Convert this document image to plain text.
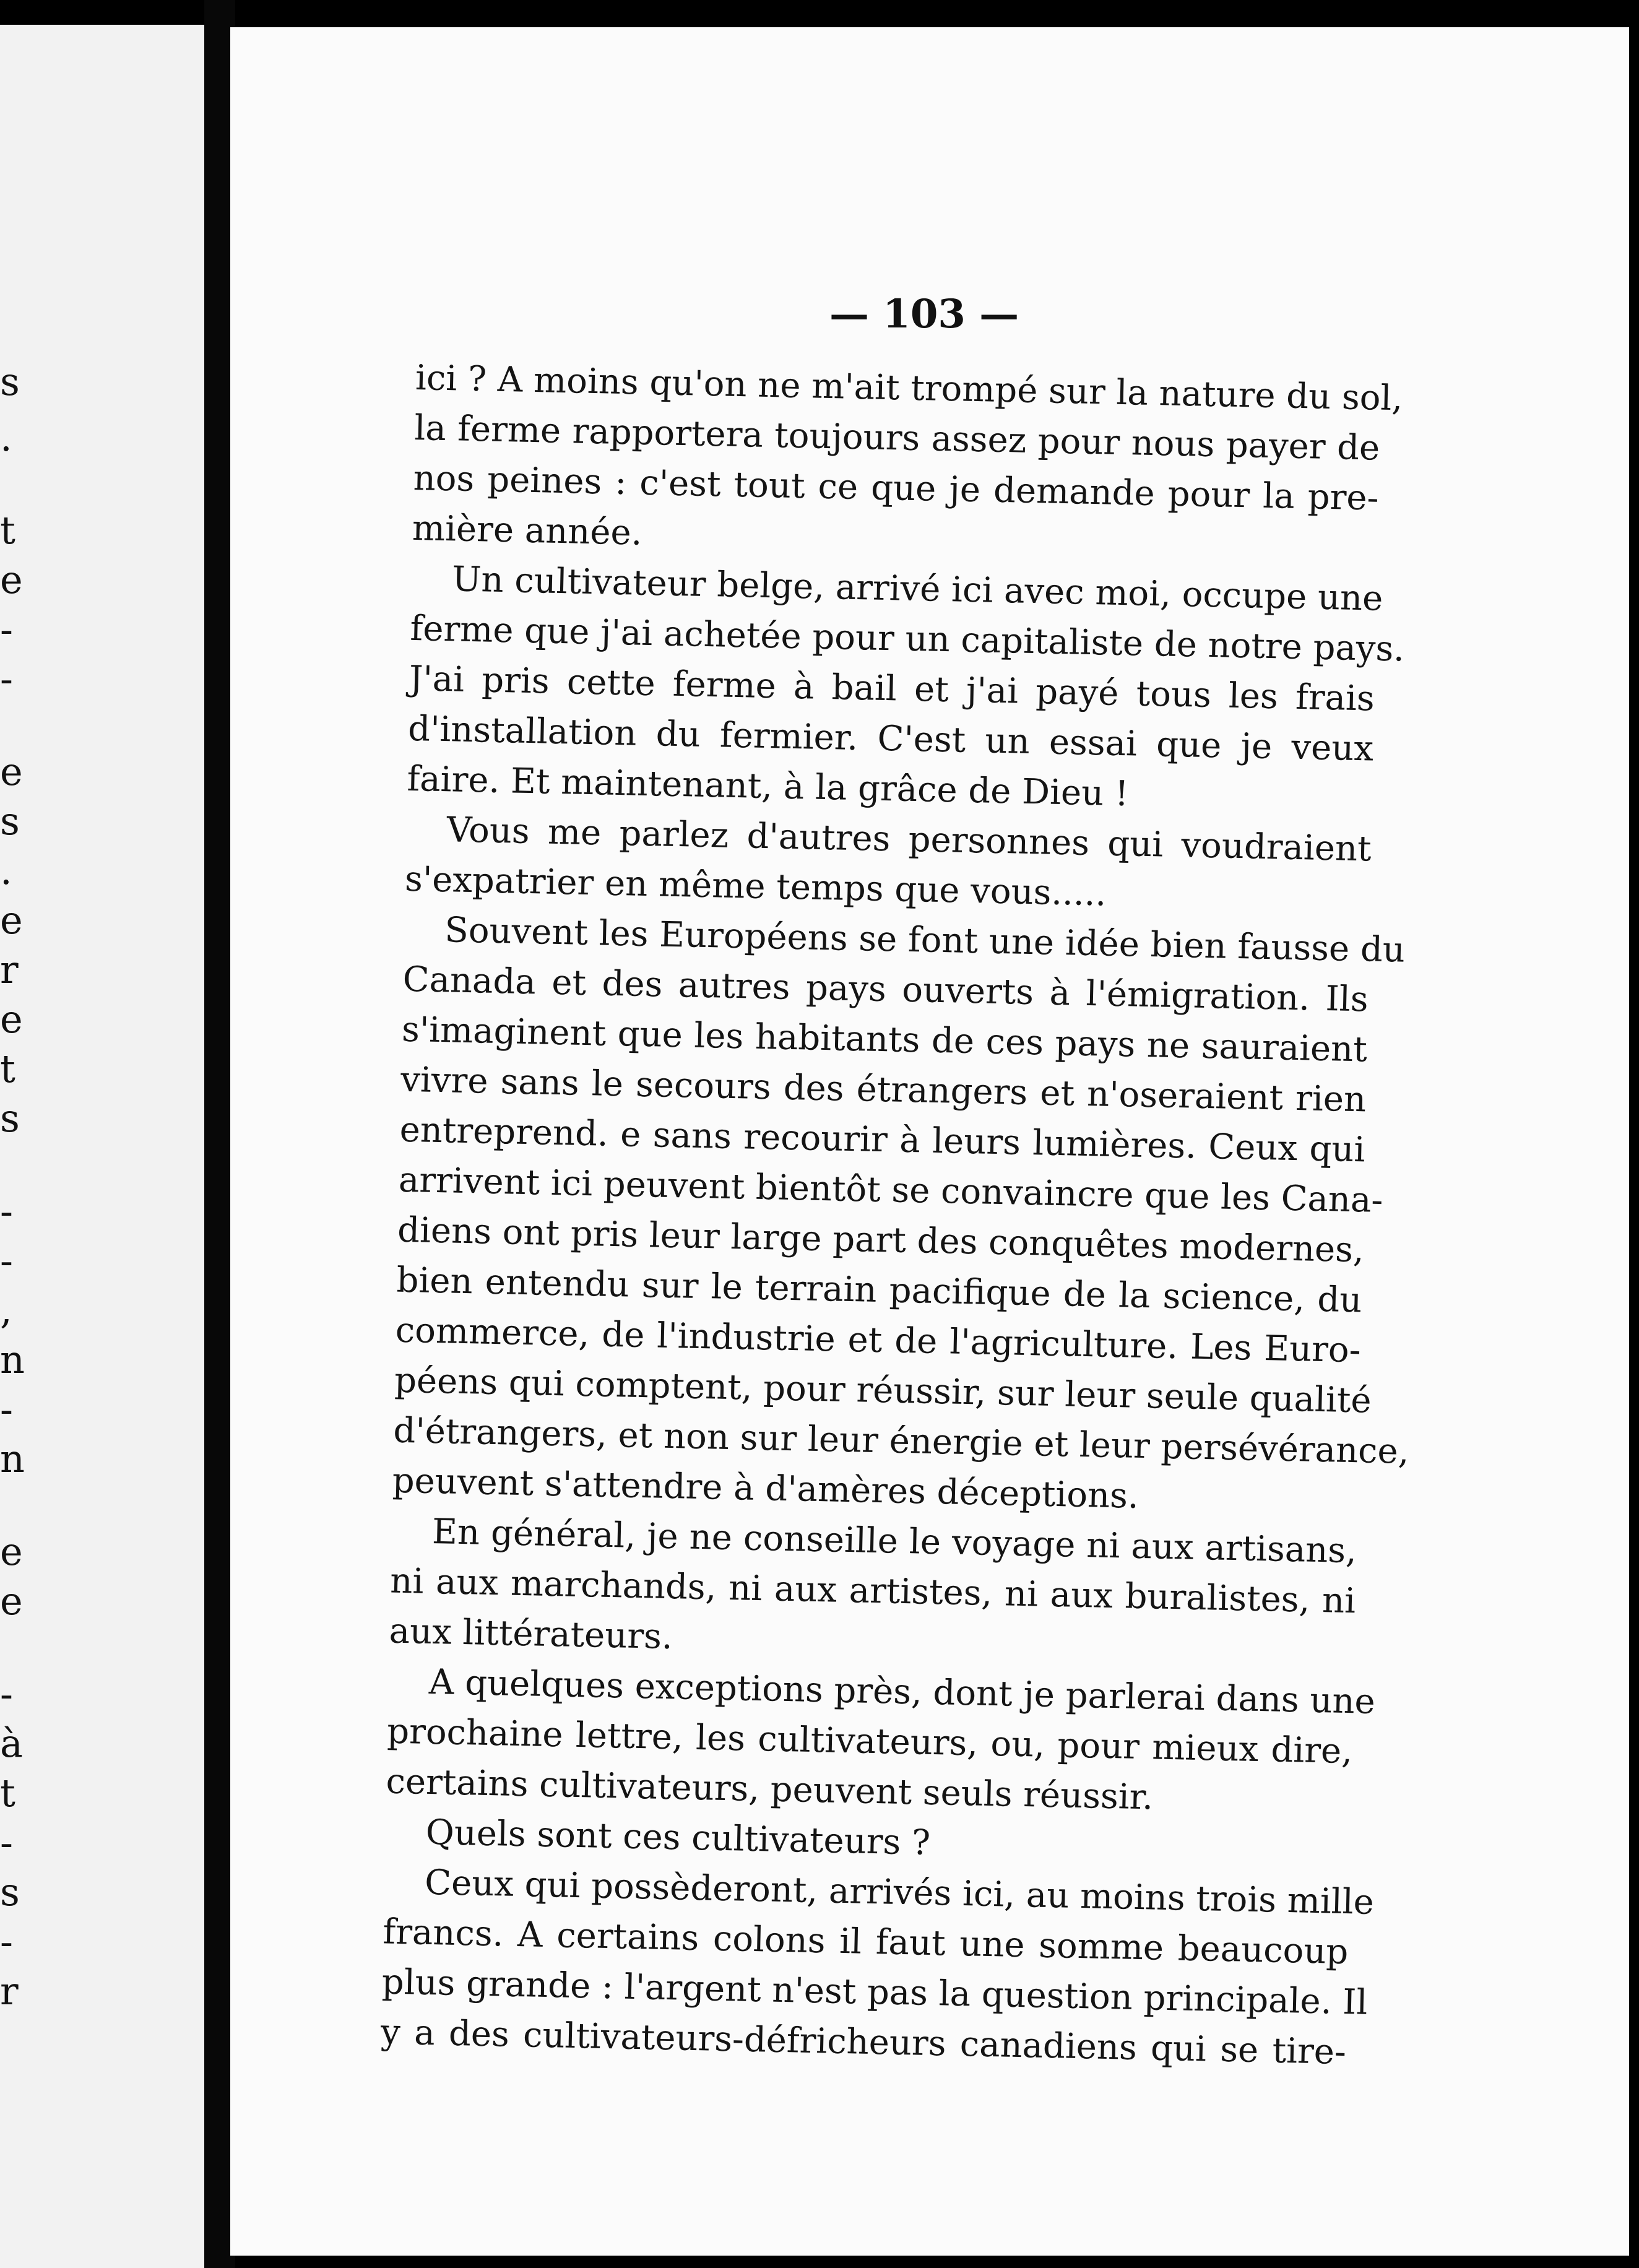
s
.
t
e
-
-
e
s
.
e
r
e
t
s
-
-
,
n
-
n
e
e
-
à
t
-
s
-
r
— 103 —
ici ? A moins qu'on ne m'ait trompé sur la nature du sol,
la ferme rapportera toujours assez pour nous payer de
nos peines : c'est tout ce que je demande pour la pre-
mière année.
Un cultivateur belge, arrivé ici avec moi, occupe une
ferme que j'ai achetée pour un capitaliste de notre pays.
J'ai pris cette ferme à bail et j'ai payé tous les frais
d'installation du fermier. C'est un essai que je veux
faire. Et maintenant, à la grâce de Dieu !
Vous me parlez d'autres personnes qui voudraient
s'expatrier en même temps que vous.....
Souvent les Européens se font une idée bien fausse du
Canada et des autres pays ouverts à l'émigration. Ils
s'imaginent que les habitants de ces pays ne sauraient
vivre sans le secours des étrangers et n'oseraient rien
entreprend. e sans recourir à leurs lumières. Ceux qui
arrivent ici peuvent bientôt se convaincre que les Cana-
diens ont pris leur large part des conquêtes modernes,
bien entendu sur le terrain pacifique de la science, du
commerce, de l'industrie et de l'agriculture. Les Euro-
péens qui comptent, pour réussir, sur leur seule qualité
d'étrangers, et non sur leur énergie et leur persévérance,
peuvent s'attendre à d'amères déceptions.
En général, je ne conseille le voyage ni aux artisans,
ni aux marchands, ni aux artistes, ni aux buralistes, ni
aux littérateurs.
A quelques exceptions près, dont je parlerai dans une
prochaine lettre, les cultivateurs, ou, pour mieux dire,
certains cultivateurs, peuvent seuls réussir.
Quels sont ces cultivateurs ?
Ceux qui possèderont, arrivés ici, au moins trois mille
francs. A certains colons il faut une somme beaucoup
plus grande : l'argent n'est pas la question principale. Il
y a des cultivateurs-défricheurs canadiens qui se tire-
